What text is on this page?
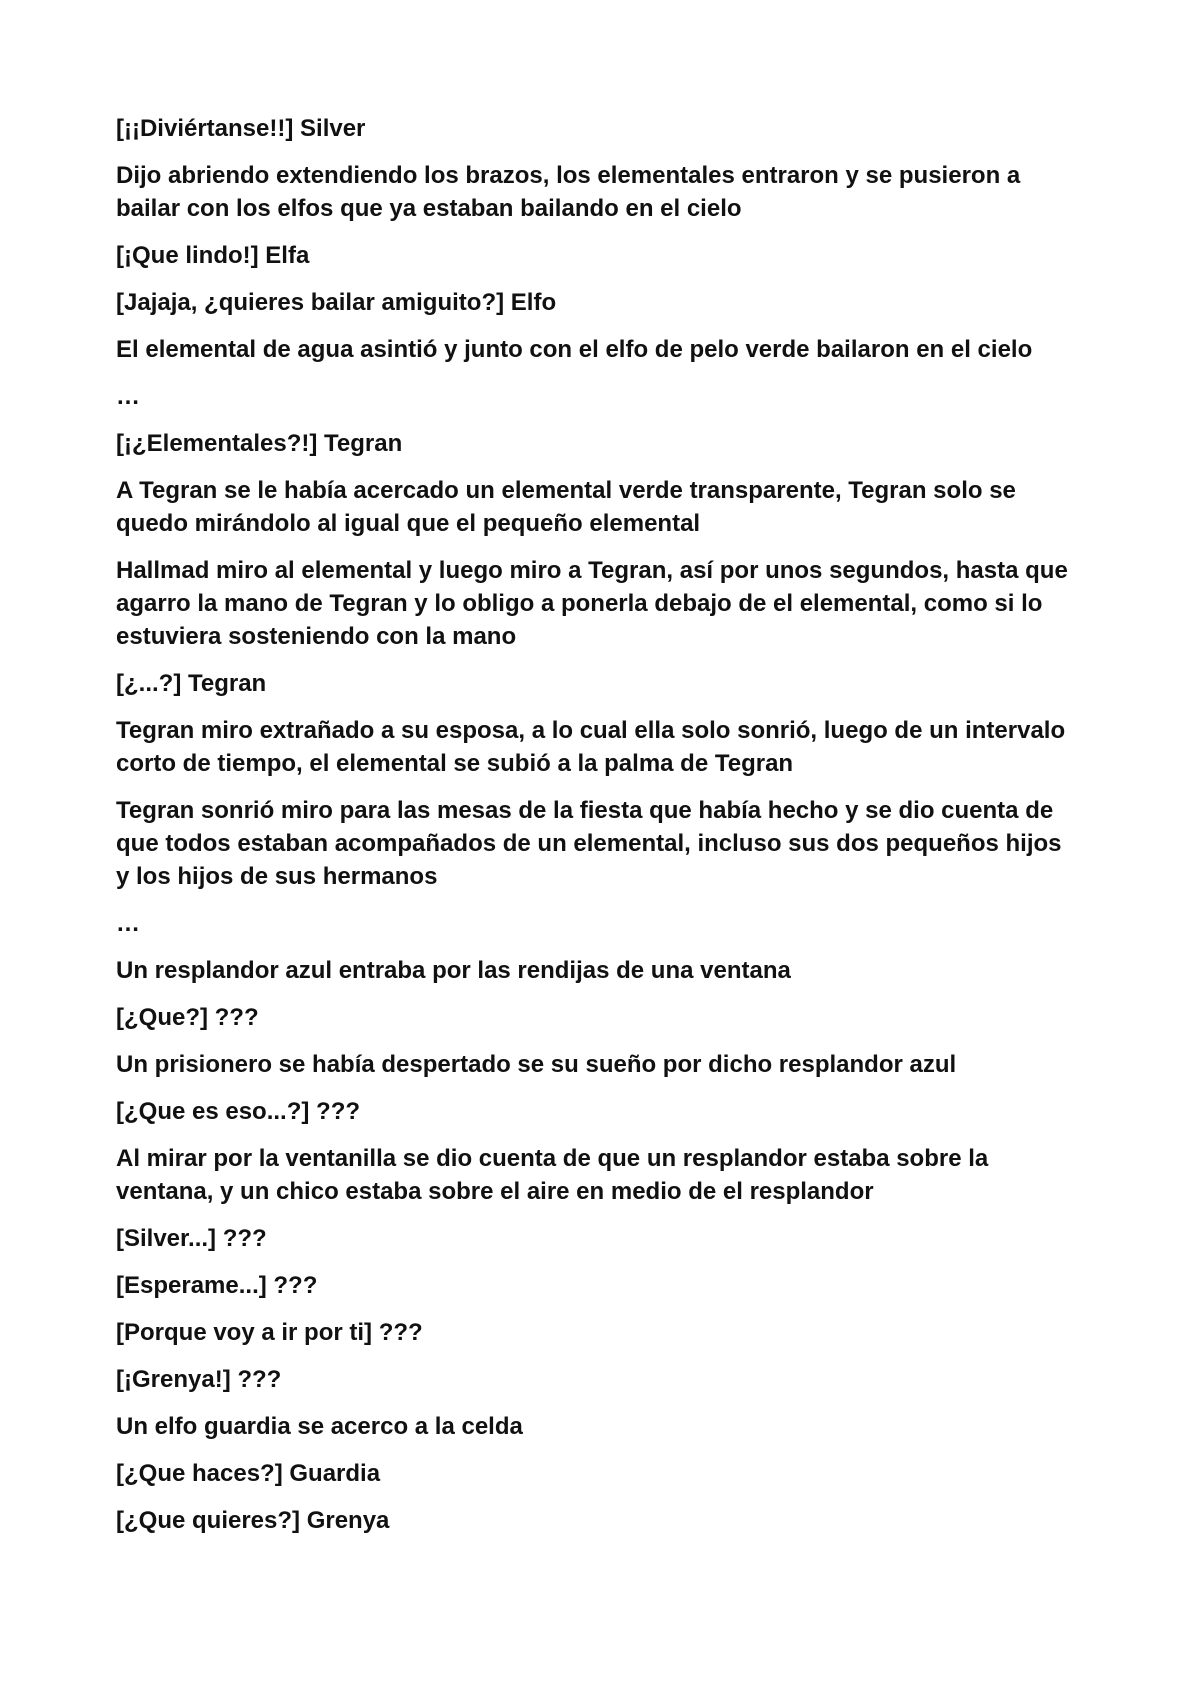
[¡¡Diviértanse!!] Silver

Dijo abriendo extendiendo los brazos, los elementales entraron y se pusieron a bailar con los elfos que ya estaban bailando en el cielo

[¡Que lindo!] Elfa

[Jajaja, ¿quieres bailar amiguito?] Elfo

El elemental de agua asintió y junto con el elfo de pelo verde bailaron en el cielo

…

[¡¿Elementales?!] Tegran

A Tegran se le había acercado un elemental verde transparente, Tegran solo se quedo mirándolo al igual que el pequeño elemental

Hallmad miro al elemental y luego miro a Tegran, así por unos segundos, hasta que agarro la mano de Tegran y lo obligo a ponerla debajo de el elemental, como si lo estuviera sosteniendo con la mano

[¿...?] Tegran

Tegran miro extrañado a su esposa, a lo cual ella solo sonrió, luego de un intervalo corto de tiempo, el elemental se subió a la palma de Tegran

Tegran sonrió miro para las mesas de la fiesta que había hecho y se dio cuenta de que todos estaban acompañados de un elemental, incluso sus dos pequeños hijos y los hijos de sus hermanos

…

Un resplandor azul entraba por las rendijas de una ventana

[¿Que?] ???

Un prisionero se había despertado se su sueño por dicho resplandor azul

[¿Que es eso...?] ???

Al mirar por la ventanilla se dio cuenta de que un resplandor estaba sobre la ventana, y un chico estaba sobre el aire en medio de el resplandor

[Silver...] ???

[Esperame...] ???

[Porque voy a ir por ti] ???

[¡Grenya!] ???

Un elfo guardia se acerco a la celda

[¿Que haces?] Guardia

[¿Que quieres?] Grenya
